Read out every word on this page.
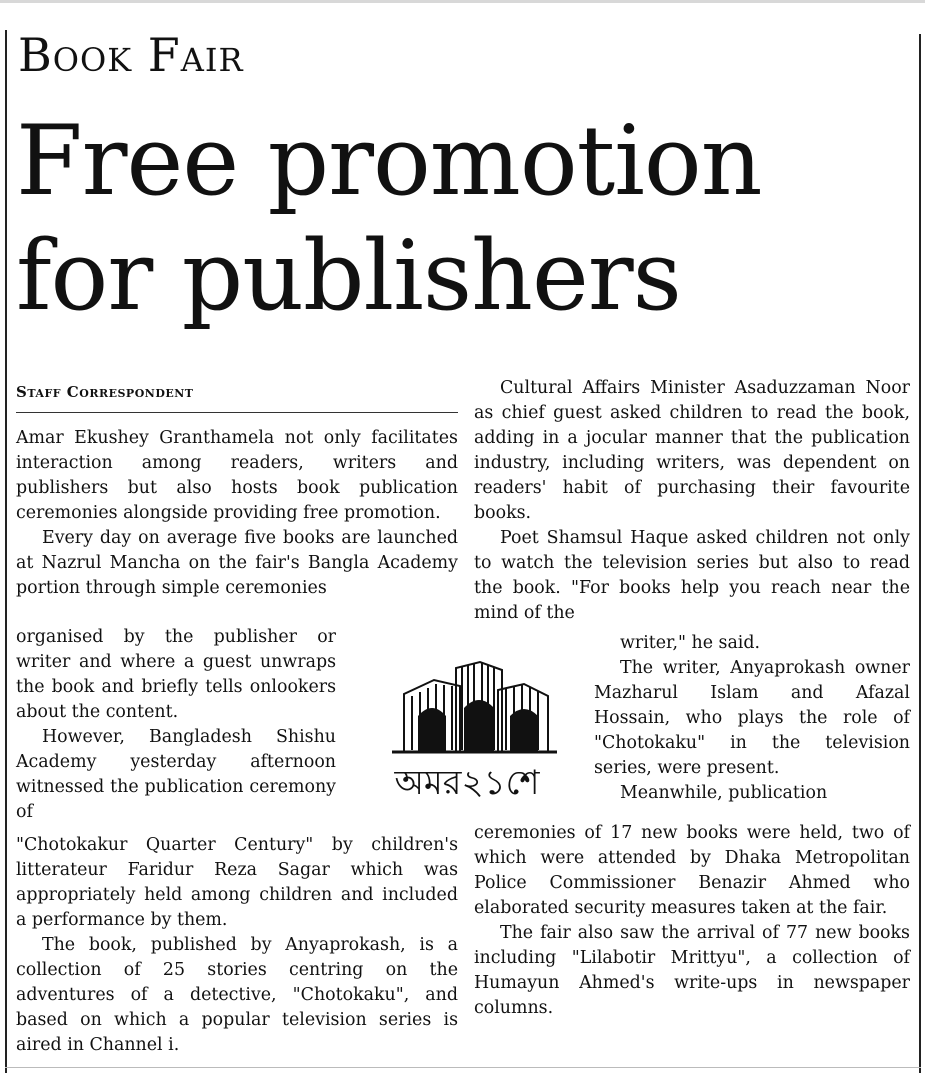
Book Fair
Free promotion for publishers
Staff Correspondent

Amar Ekushey Granthamela not only facilitates interaction among readers, writers and publishers but also hosts book publication ceremonies alongside providing free promotion.

Every day on average five books are launched at Nazrul Mancha on the fair's Bangla Academy portion through simple ceremonies

organised by the publisher or writer and where a guest unwraps the book and briefly tells onlookers about the content.

However, Bangladesh Shishu Academy yesterday afternoon witnessed the publication ceremony of

"Chotokakur Quarter Century" by children's litterateur Faridur Reza Sagar which was appropriately held among children and included a performance by them.

The book, published by Anyaprokash, is a collection of 25 stories centring on the adventures of a detective, "Chotokaku", and based on which a popular television series is aired in Channel i.

Cultural Affairs Minister Asaduzzaman Noor as chief guest asked children to read the book, adding in a jocular manner that the publication industry, including writers, was dependent on readers' habit of purchasing their favourite books.

Poet Shamsul Haque asked children not only to watch the television series but also to read the book. "For books help you reach near the mind of the

writer," he said.

The writer, Anyaprokash owner Mazharul Islam and Afazal Hossain, who plays the role of "Chotokaku" in the television series, were present.

Meanwhile, publication

ceremonies of 17 new books were held, two of which were attended by Dhaka Metropolitan Police Commissioner Benazir Ahmed who elaborated security measures taken at the fair.

The fair also saw the arrival of 77 new books including "Lilabotir Mrittyu", a collection of Humayun Ahmed's write-ups in newspaper columns.

অমর২১শে
